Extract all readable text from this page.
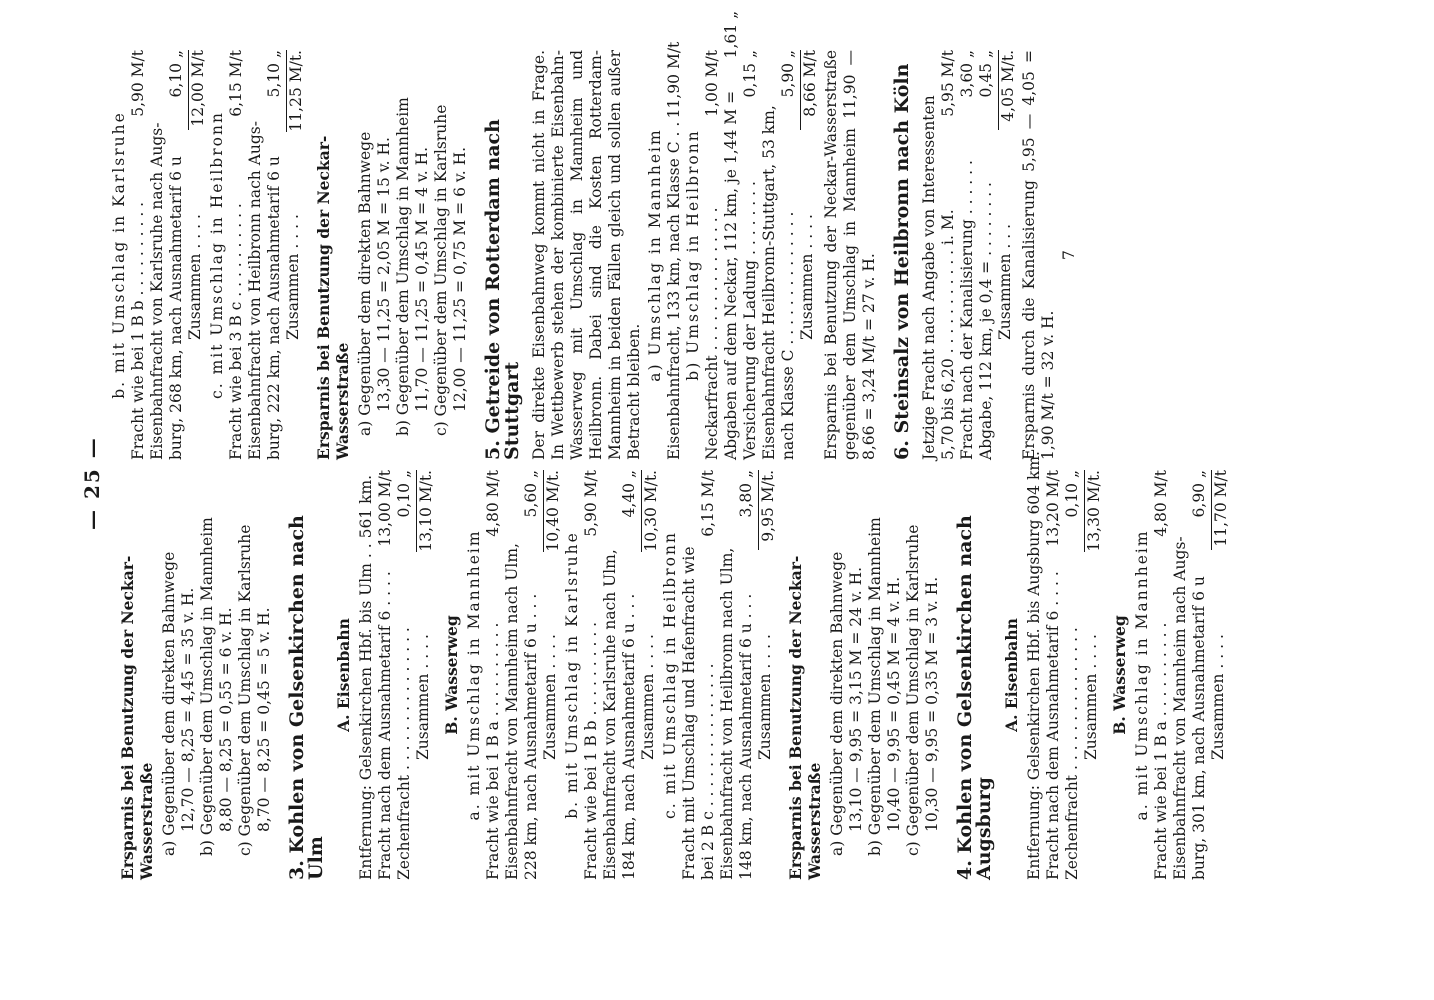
— 25 —
Ersparnis bei Benutzung der Neckar-Wasserstraße a) Gegenüber dem direkten Bahnwege 12,70 — 8,25 = 4,45 = 35 v. H. b) Gegenüber dem Umschlag in Mannheim 8,80 — 8,25 = 0,55 = 6 v. H. c) Gegenüber dem Umschlag in Karlsruhe 8,70 — 8,25 = 0,45 = 5 v. H. 3. Kohlen von Gelsenkirchen nach Ulm
A. Eisenbahn Entfernung: Gelsenkirchen Hbf. bis Ulm . . 561 km. Fracht nach dem Ausnahmetarif 6 . . . .
13,00 M/t
Zechenfracht . . . . . . . . . . . . . . .
0,10 „
Zusammen . . . .
13,10 M/t.
B. Wasserweg a. mit Umschlag in Mannheim Fracht wie bei 1 B a . . . . . . . . . .
4,80 M/t
Eisenbahnfracht von Mannheim nach Ulm, 228 km, nach Ausnahmetarif 6 u . . .
5,60 „
Zusammen . . . .
10,40 M/t.
b. mit Umschlag in Karlsruhe Fracht wie bei 1 B b . . . . . . . . . .
5,90 M/t
Eisenbahnfracht von Karlsruhe nach Ulm, 184 km, nach Ausnahmetarif 6 u . . .
4,40 „
Zusammen . . . .
10,30 M/t.
c. mit Umschlag in Heilbronn Fracht mit Umschlag und Hafenfracht wie bei 2 B c . . . . . . . . . . . . . . .
6,15 M/t
Eisenbahnfracht von Heilbronn nach Ulm, 148 km, nach Ausnahmetarif 6 u . . .
3,80 „
Zusammen . . . .
9,95 M/t.
Ersparnis bei Benutzung der Neckar-Wasserstraße a) Gegenüber dem direkten Bahnwege 13,10 — 9,95 = 3,15 M = 24 v. H. b) Gegenüber dem Umschlag in Mannheim 10,40 — 9,95 = 0,45 M = 4 v. H. c) Gegenüber dem Umschlag in Karlsruhe 10,30 — 9,95 = 0,35 M = 3 v. H. 4. Kohlen von Gelsenkirchen nach Augsburg
A. Eisenbahn Entfernung: Gelsenkirchen Hbf. bis Augsburg 604 km. Fracht nach dem Ausnahmetarif 6 . . . .
13,20 M/t
Zechenfracht . . . . . . . . . . . . . . .
0,10 „
Zusammen . . . .
13,30 M/t.
B. Wasserweg a. mit Umschlag in Mannheim Fracht wie bei 1 B a . . . . . . . . . .
4,80 M/t
Eisenbahnfracht von Mannheim nach Augs- burg, 301 km, nach Ausnahmetarif 6 u
6,90 „
Zusammen . . . .
11,70 M/t
b. mit Umschlag in Karlsruhe Fracht wie bei 1 B b . . . . . . . . . .
5,90 M/t
Eisenbahnfracht von Karlsruhe nach Augs- burg, 268 km, nach Ausnahmetarif 6 u
6,10 „
Zusammen . . . .
12,00 M/t
c. mit Umschlag in Heilbronn Fracht wie bei 3 B c . . . . . . . . . .
6,15 M/t
Eisenbahnfracht von Heilbronn nach Augs- burg, 222 km, nach Ausnahmetarif 6 u
5,10 „
Zusammen . . . .
11,25 M/t.
Ersparnis bei Benutzung der Neckar-Wasserstraße a) Gegenüber dem direkten Bahnwege 13,30 — 11,25 = 2,05 M = 15 v. H. b) Gegenüber dem Umschlag in Mannheim 11,70 — 11,25 = 0,45 M = 4 v. H. c) Gegenüber dem Umschlag in Karlsruhe 12,00 — 11,25 = 0,75 M = 6 v. H. 5. Getreide von Rotterdam nach Stuttgart Der direkte Eisenbahnweg kommt nicht in Frage. In Wettbewerb stehen der kombinierte Eisenbahn-Wasserweg mit Umschlag in Mannheim und Heilbronn. Dabei sind die Kosten Rotterdam-Mannheim in beiden Fällen gleich und sollen außer Betracht bleiben.
a) Umschlag in Mannheim Eisenbahnfracht, 133 km, nach Klasse C . .
11,90 M/t
b) Umschlag in Heilbronn Neckarfracht . . . . . . . . . . . . . . .
1,00 M/t
Abgaben auf dem Neckar, 112 km, je 1,44 M =
1,61 „
Versicherung der Ladung . . . . . . . .
0,15 „
Eisenbahnfracht Heilbronn-Stuttgart, 53 km, nach Klasse C . . . . . . . . . . . . . .
5,90 „
Zusammen . . . .
8,66 M/t Ersparnis bei Benutzung der Neckar-Wasserstraße gegenüber dem Umschlag in Mannheim 11,90 — 8,66 = 3,24 M/t = 27 v. H. 6. Steinsalz von Heilbronn nach Köln Jetzige Fracht nach Angabe von Interessenten 5,70 bis 6,20 . . . . . . . . . . . i. M.
5,95 M/t
Fracht nach der Kanalisierung . . . . . .
3,60 „
Abgabe, 112 km, je 0,4 = . . . . . . . .
0,45 „
Zusammen . . .
4,05 M/t. Ersparnis durch die Kanalisierung 5,95 — 4,05 = 1,90 M/t = 32 v. H.
7
